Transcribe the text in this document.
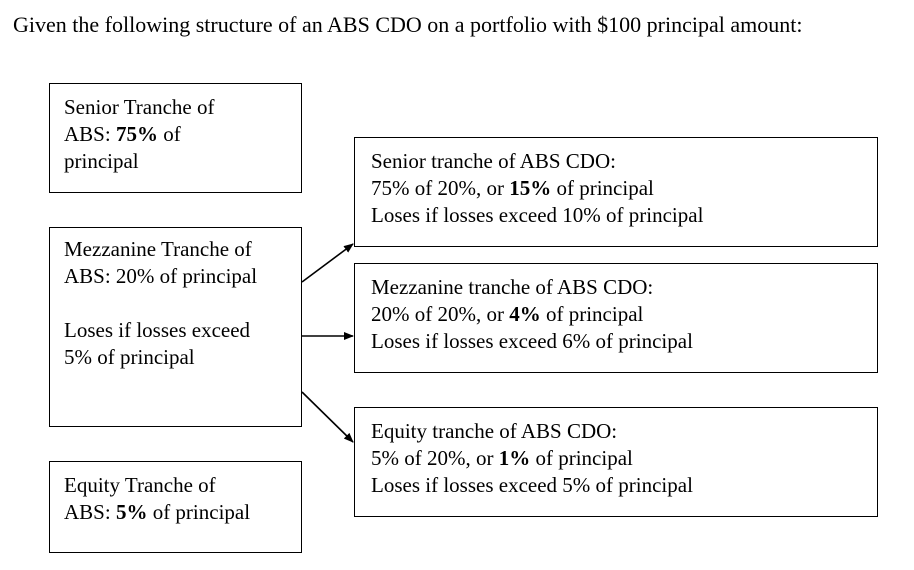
Given the following structure of an ABS CDO on a portfolio with $100 principal amount:
Senior Tranche of
ABS: 75% of
principal
Mezzanine Tranche of
ABS: 20% of principal
Loses if losses exceed
5% of principal
Equity Tranche of
ABS: 5% of principal
Senior tranche of ABS CDO:
75% of 20%, or 15% of principal
Loses if losses exceed 10% of principal
Mezzanine tranche of ABS CDO:
20% of 20%, or 4% of principal
Loses if losses exceed 6% of principal
Equity tranche of ABS CDO:
5% of 20%, or 1% of principal
Loses if losses exceed 5% of principal
